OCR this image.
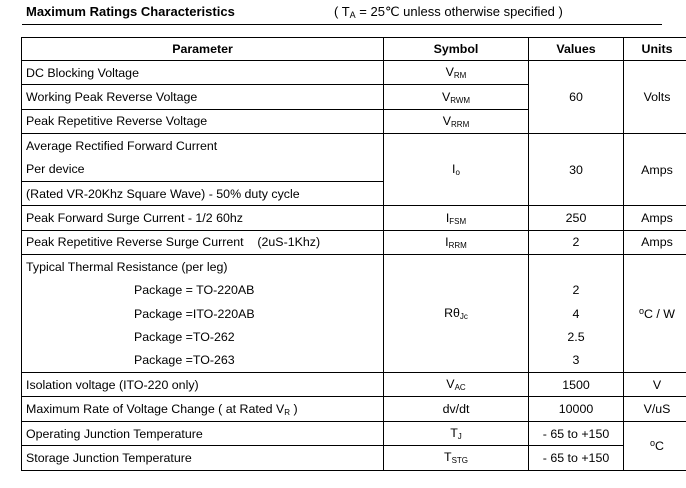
Maximum Ratings Characteristics	( $T_A$ = 25℃ unless otherwise specified )
Parameter	Symbol	Values	Units
DC Blocking Voltage	$V_{RM}$	60	Volts
Working Peak Reverse Voltage	$V_{RWM}$
Peak Repetitive Reverse Voltage	$V_{RRM}$
Average Rectified Forward Current	$I_o$	30	Amps
Per device			
(Rated VR-20Khz Square Wave) - 50% duty cycle			
Peak Forward Surge Current - 1/2 60hz	$I_{FSM}$	250	Amps
Peak Repetitive Reverse Surge Current    (2uS-1Khz)	$I_{RRM}$	2	Amps
Typical Thermal Resistance (per leg)	$R\theta_{Jc}$		$^o$C / W
Package = TO-220AB		2	
Package =ITO-220AB		4	
Package =TO-262		2.5	
Package =TO-263		3	
Isolation voltage (ITO-220 only)	$V_{AC}$	1500	V
Maximum Rate of Voltage Change ( at Rated $V_R$ )	dv/dt	10000	V/uS
Operating Junction Temperature	$T_J$	- 65 to +150	$^o$C
Storage Junction Temperature	$T_{STG}$	- 65 to +150	
